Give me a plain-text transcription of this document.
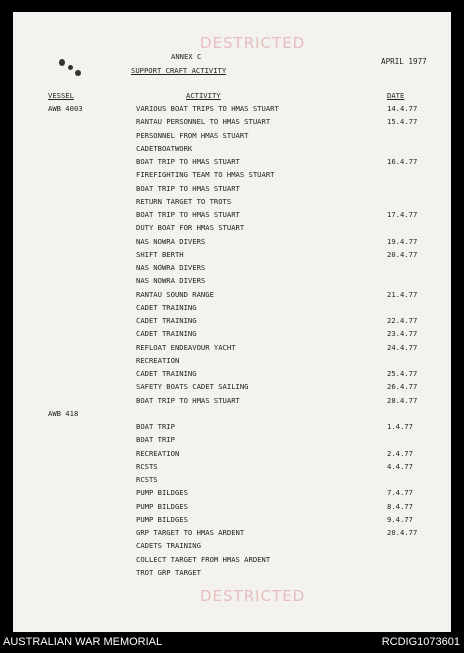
DESTRICTED
ANNEX C
SUPPORT CRAFT ACTIVITY
APRIL 1977
VESSEL	ACTIVITY	DATE
AWB 4003	VARIOUS BOAT TRIPS TO HMAS STUART	14.4.77
RANTAU PERSONNEL TO HMAS STUART	15.4.77
PERSONNEL FROM HMAS STUART
CADETBOATWORK
BOAT TRIP TO HMAS STUART	16.4.77
FIREFIGHTING TEAM TO HMAS STUART
BOAT TRIP TO HMAS STUART
RETURN TARGET TO TROTS
BOAT TRIP TO HMAS STUART	17.4.77
DUTY BOAT FOR HMAS STUART
NAS NOWRA DIVERS	19.4.77
SHIFT BERTH	20.4.77
NAS NOWRA DIVERS
NAS NOWRA DIVERS
RANTAU SOUND RANGE	21.4.77
CADET TRAINING
CADET TRAINING	22.4.77
CADET TRAINING	23.4.77
REFLOAT ENDEAVOUR YACHT	24.4.77
RECREATION
CADET TRAINING	25.4.77
SAFETY BOATS CADET SAILING	26.4.77
BOAT TRIP TO HMAS STUART	28.4.77
AWB 418
BOAT TRIP	1.4.77
BOAT TRIP
RECREATION	2.4.77
RCSTS	4.4.77
RCSTS
PUMP BILDGES	7.4.77
PUMP BILDGES	8.4.77
PUMP BILDGES	9.4.77
GRP TARGET TO HMAS ARDENT	20.4.77
CADETS TRAINING
COLLECT TARGET FROM HMAS ARDENT
TROT GRP TARGET
DESTRICTED
AUSTRALIAN WAR MEMORIAL	RCDIG1073601
